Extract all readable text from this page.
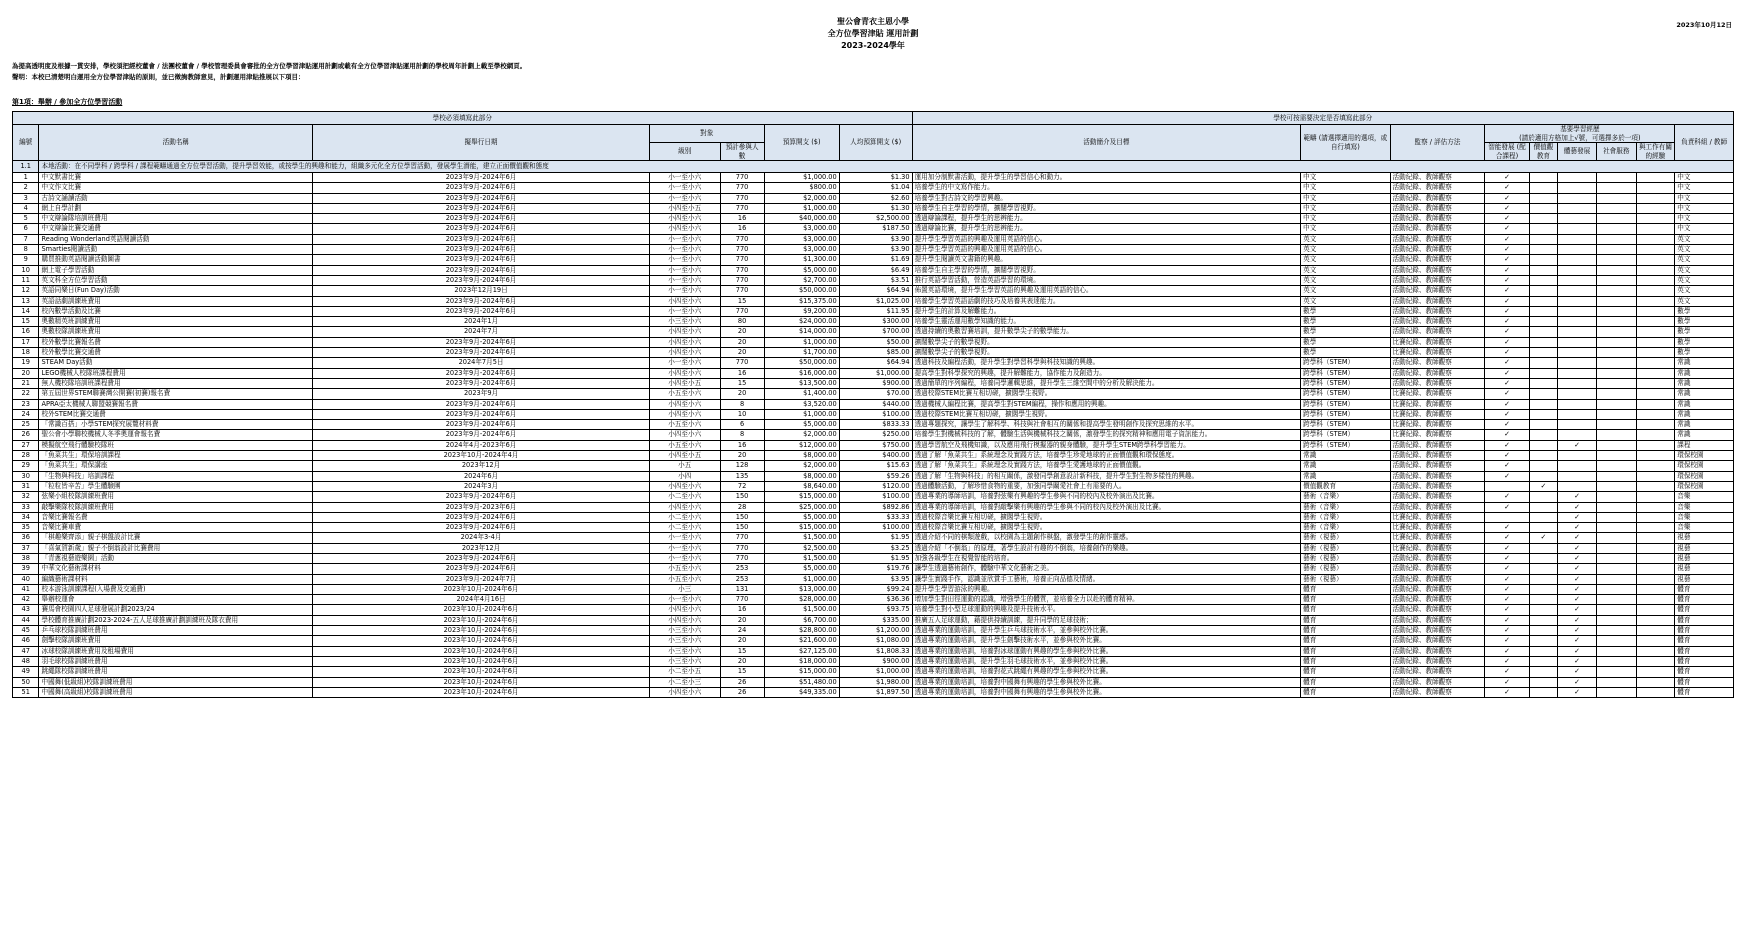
聖公會青衣主恩小學
全方位學習津貼 運用計劃
2023-2024學年
2023年10月12日
為提高透明度及根據一貫安排，學校須把經校董會 / 法團校董會 / 學校管理委員會審批的全方位學習津貼運用計劃或載有全方位學習津貼運用計劃的學校周年計劃上載至學校網頁。
聲明：本校已清楚明白運用全方位學習津貼的原則，並已徵詢教師意見，計劃運用津貼推展以下項目：
第1項：舉辦 / 參加全方位學習活動
學校必須填寫此部分							學校可按需要決定是否填寫此部分								
編號	活動名稱	擬舉行日期	對象		預算開支 ($)	人均預算開支 ($)	活動簡介及目標	範疇 (請選擇適用的選項，或自行填寫)	監察 / 評估方法	基要學習經歷
(請於適用方格加上√號，可選擇多於一項)					負責科組 / 教師
			級別	預計參與人數						智能發展 (配合課程)	價值觀教育	體藝發展	社會服務	與工作有關的經驗	

1.1	本地活動：在不同學科 / 跨學科 / 課程範疇通過全方位學習活動，提升學習效能，或按學生的興趣和能力，組織多元化全方位學習活動，發展學生潛能，建立正面價值觀和態度														
1	中文默書比賽	2023年9月-2024年6月	小一至小六	770	$1,000.00	$1.30	運用加分制默書活動，提升學生的學習信心和動力。	中文	活動紀錄、教師觀察	✓					中文
2	中文作文比賽	2023年9月-2024年6月	小一至小六	770	$800.00	$1.04	培養學生的中文寫作能力。	中文	活動紀錄、教師觀察	✓					中文
3	古詩文誦讀活動	2023年9月-2024年6月	小一至小六	770	$2,000.00	$2.60	培養學生對古詩文的學習興趣。	中文	活動紀錄、教師觀察	✓					中文
4	網上自學計劃	2023年9月-2024年6月	小四至小五	770	$1,000.00	$1.30	培養學生自主學習的學情，擴闊學習視野。	中文	活動紀錄、教師觀察	✓					中文
5	中文辯論隊培訓班費用	2023年9月-2024年6月	小四至小六	16	$40,000.00	$2,500.00	透過辯論課程，提升學生的思辨能力。	中文	活動紀錄、教師觀察	✓					中文
6	中文辯論比賽交通費	2023年9月-2024年6月	小四至小六	16	$3,000.00	$187.50	透過辯論比賽，提升學生的思辨能力。	中文	活動紀錄、教師觀察	✓					中文
7	Reading Wonderland英語閱讀活動	2023年9月-2024年6月	小一至小六	770	$3,000.00	$3.90	提升學生學習英語的興趣及運用英語的信心。	英文	活動紀錄、教師觀察	✓					英文
8	Smarties閱讀活動	2023年9月-2024年6月	小一至小六	770	$3,000.00	$3.90	提升學生學習英語的興趣及運用英語的信心。	英文	活動紀錄、教師觀察	✓					英文
9	購買推動英語閱讀活動圖書	2023年9月-2024年6月	小一至小六	770	$1,300.00	$1.69	提升學生閱讀英文書籍的興趣。	英文	活動紀錄、教師觀察	✓					英文
10	網上電子學習活動	2023年9月-2024年6月	小一至小六	770	$5,000.00	$6.49	培養學生自主學習的學情，擴闊學習視野。	英文	活動紀錄、教師觀察	✓					英文
11	英文科全方位學習活動	2023年9月-2024年6月	小一至小六	770	$2,700.00	$3.51	推行英語學習活動，營造英語學習的環境。	英文	活動紀錄、教師觀察	✓					英文
12	英語同樂日(Fun Day)活動	2023年12月19日	小一至小六	770	$50,000.00	$64.94	佈置英語環境，提升學生學習英語的興趣及運用英語的信心。	英文	活動紀錄、教師觀察	✓					英文
13	英語話劇訓練班費用	2023年9月-2024年6月	小四至小六	15	$15,375.00	$1,025.00	培養學生學習英語話劇的技巧及培養其表達能力。	英文	活動紀錄、教師觀察	✓					英文
14	校內數學活動及比賽	2023年9月-2024年6月	小一至小六	770	$9,200.00	$11.95	提升學生的計算及解難能力。	數學	活動紀錄、教師觀察	✓					數學
15	奧數精英班訓練費用	2024年1月	小三至小六	80	$24,000.00	$300.00	培養學生靈活運用數學知識的能力。	數學	活動紀錄、教師觀察	✓					數學
16	奧數校隊訓練班費用	2024年7月	小四至小六	20	$14,000.00	$700.00	透過持續的奧數習賽培訓，提升數學尖子的數學能力。	數學	活動紀錄、教師觀察	✓					數學
17	校外數學比賽報名費	2023年9月-2024年6月	小四至小六	20	$1,000.00	$50.00	擴闊數學尖子的數學視野。	數學	比賽紀錄、教師觀察	✓					數學
18	校外數學比賽交通費	2023年9月-2024年6月	小四至小六	20	$1,700.00	$85.00	擴闊數學尖子的數學視野。	數學	比賽紀錄、教師觀察	✓					數學
19	STEAM Day活動	2024年7月5日	小一至小六	770	$50,000.00	$64.94	透過科技及編程活動，提升學生對學習科學與科技知識的興趣。	跨學科（STEM）	活動紀錄、教師觀察	✓					常識
20	LEGO機械人校隊班課程費用	2023年9月-2024年6月	小四至小六	16	$16,000.00	$1,000.00	提高學生對科學探究的興趣，提升解難能力，協作能力及創造力。	跨學科（STEM）	活動紀錄、教師觀察	✓					常識
21	無人機校隊培訓班課程費用	2023年9月-2024年6月	小四至小五	15	$13,500.00	$900.00	透過簡單的序列編程，培養同學邏輯思維，提升學生三維空間中的分析及解決能力。	跨學科（STEM）	活動紀錄、教師觀察	✓					常識
22	第五屆世界STEM聯賽灣公開賽(初賽)報名費	2023年9月	小五至小六	20	$1,400.00	$70.00	透過校際STEM比賽互相切磋，擴闊學生視野。	跨學科（STEM）	比賽紀錄、教師觀察	✓					常識
23	APRA亞太機械人聯盟競賽報名費	2023年9月-2024年6月	小四至小六	8	$3,520.00	$440.00	透過機械人編程比賽，提高學生對STEM編程，操作和應用的興趣。	跨學科（STEM）	比賽紀錄、教師觀察	✓					常識
24	校外STEM比賽交通費	2023年9月-2024年6月	小四至小六	10	$1,000.00	$100.00	透過校際STEM比賽互相切磋，擴闊學生視野。	跨學科（STEM）	比賽紀錄、教師觀察	✓					常識
25	「常識百搭」小學STEM探究展覽材料費	2023年9月-2024年6月	小五至小六	6	$5,000.00	$833.33	透過專題探究，讓學生了解科學、科技與社會相互的關係和提高學生發明創作及探究思維的水平。	跨學科（STEM）	比賽紀錄、教師觀察	✓					常識
26	聖公會小學聯校機械人冬季奧運會報名費	2023年9月-2024年6月	小四至小六	8	$2,000.00	$250.00	培養學生對機械科技的了解，體驗生活與機械科技之關係，激發學生的探究精神和應用電子資訊能力。	跨學科（STEM）	比賽紀錄、教師觀察	✓					常識
27	模擬航空飛行體驗校隊班	2024年4月-2023年6月	小五至小六	16	$12,000.00	$750.00	透過學習航空及飛機知識，以及應用飛行模擬器的親身體驗，提升學生STEM跨學科學習能力。	跨學科（STEM）	活動紀錄、教師觀察	✓		✓			課程
28	「魚菜共生」環保培訓課程	2023年10月-2024年4月	小四至小五	20	$8,000.00	$400.00	透過了解「魚菜共生」系統理念及實踐方法，培養學生珍愛地球的正面價值觀和環保態度。	常識	活動紀錄、教師觀察	✓					環保校園
29	「魚菜共生」環保講座	2023年12月	小五	128	$2,000.00	$15.63	透過了解「魚菜共生」系統理念及實踐方法，培養學生愛護地球的正面價值觀。	常識	活動紀錄、教師觀察	✓					環保校園
30	「生物與科技」培訓課程	2024年6月	小四	135	$8,000.00	$59.26	透過了解「生物與科技」的相互關係，激發同學創意設計新科技，提升學生對生物多樣性的興趣。	常識	活動紀錄、教師觀察	✓					環保校園
31	「粒粒皆辛苦」學生體驗團	2024年3月	小四至小六	72	$8,640.00	$120.00	透過體驗活動，了解珍惜食物的重要，加強同學關愛社會上有需要的人。	價值觀教育	活動紀錄、教師觀察		✓				環保校園
32	弦樂小組校隊訓練班費用	2023年9月-2024年6月	小二至小六	150	$15,000.00	$100.00	透過專業的導師培訓，培養對弦樂有興趣的學生參與不同的校內及校外演出及比賽。	藝術（音樂）	活動紀錄、教師觀察	✓		✓			音樂
33	敲擊樂隊校隊訓練班費用	2023年9月-2023年6月	小四至小六	28	$25,000.00	$892.86	透過專業的導師培訓，培養對敲擊樂有興趣的學生參與不同的校內及校外演出及比賽。	藝術（音樂）	活動紀錄、教師觀察	✓		✓			音樂
34	音樂比賽報名費	2023年9月-2024年6月	小二至小六	150	$5,000.00	$33.33	透過校際音樂比賽互相切磋，擴闊學生視野。	藝術（音樂）	比賽紀錄、教師觀察			✓			音樂
35	音樂比賽車費	2023年9月-2024年6月	小二至小六	150	$15,000.00	$100.00	透過校際音樂比賽互相切磋，擴闊學生視野。	藝術（音樂）	比賽紀錄、教師觀察	✓		✓			音樂
36	「棋趣樂齊添」親子棋盤設計比賽	2024年3-4月	小一至小六	770	$1,500.00	$1.95	透過介紹不同的棋類遊戲，以校園為主題創作棋盤，激發學生的創作靈感。	藝術（視藝）	比賽紀錄、教師觀察	✓	✓	✓			視藝
37	「喜氣賀新歲」親子不倒翁設計比賽費用	2023年12月	小一至小六	770	$2,500.00	$3.25	透過介紹「不倒翁」的原理，著學生設計有趣的不倒翁，培養創作的樂趣。	藝術（視藝）	比賽紀錄、教師觀察	✓		✓			視藝
38	「青蔥視藝遊樂園」活動	2023年9月-2024年6月	小一至小六	770	$1,500.00	$1.95	加強各級學生在視覺智能的培育。	藝術（視藝）	活動紀錄、教師觀察	✓		✓			視藝
39	中華文化藝術課材料	2023年9月-2024年6月	小五至小六	253	$5,000.00	$19.76	讓學生透過藝術創作，體驗中華文化藝術之美。	藝術（視藝）	活動紀錄、教師觀察	✓		✓			視藝
40	編織藝術課材料	2023年9月-2024年7月	小五至小六	253	$1,000.00	$3.95	讓學生實踐手作，認識並欣賞手工藝術，培養正向品德及情緒。	藝術（視藝）	活動紀錄、教師觀察	✓		✓			視藝
41	校本游泳訓練課程(入場費及交通費)	2023年10月-2024年6月	小三	131	$13,000.00	$99.24	提升學生學習游泳的興趣。	體育	活動紀錄、教師觀察	✓		✓			體育
42	舉辦校運會	2024年4月16日	小一至小六	770	$28,000.00	$36.36	增加學生對田徑運動的認識，增強學生的體質，並培養全力以赴的體育精神。	體育	活動紀錄、教師觀察	✓		✓			體育
43	賽馬會校園四人足球發展計劃2023/24	2023年10月-2024年6月	小四至小六	16	$1,500.00	$93.75	培養學生對小型足球運動的興趣及提升技術水平。	體育	活動紀錄、教師觀察	✓		✓			體育
44	學校體育推廣計劃2023-2024-五人足球推廣計劃訓練班及隊衣費用	2023年10月-2024年6月	小四至小六	20	$6,700.00	$335.00	推廣五人足球運動，藉提供持續訓練，提升同學的足球技術；	體育	活動紀錄、教師觀察	✓		✓			體育
45	乒乓球校隊訓練班費用	2023年10月-2024年6月	小三至小六	24	$28,800.00	$1,200.00	透過專業的運動培訓，提升學生乒乓球技術水平，並參與校外比賽。	體育	活動紀錄、教師觀察	✓		✓			體育
46	劍擊校隊訓練班費用	2023年10月-2024年6月	小三至小六	20	$21,600.00	$1,080.00	透過專業的運動培訓，提升學生劍擊技術水平，並參與校外比賽。	體育	活動紀錄、教師觀察	✓		✓			體育
47	冰球校隊訓練班費用及租場費用	2023年10月-2024年6月	小三至小六	15	$27,125.00	$1,808.33	透過專業的運動培訓，培養對冰球運動有興趣的學生參與校外比賽。	體育	活動紀錄、教師觀察	✓		✓			體育
48	羽毛球校隊訓練班費用	2023年10月-2024年6月	小三至小六	20	$18,000.00	$900.00	透過專業的運動培訓，提升學生羽毛球技術水平，並參與校外比賽。	體育	活動紀錄、教師觀察	✓		✓			體育
49	跳繩隊校隊訓練班費用	2023年10月-2024年6月	小二至小五	15	$15,000.00	$1,000.00	透過專業的運動培訓，培養對花式跳繩有興趣的學生參與校外比賽。	體育	活動紀錄、教師觀察	✓		✓			體育
50	中國舞(低級組)校隊訓練班費用	2023年10月-2024年6月	小二至小三	26	$51,480.00	$1,980.00	透過專業的運動培訓，培養對中國舞有興趣的學生參與校外比賽。	體育	活動紀錄、教師觀察	✓		✓			體育
51	中國舞(高級組)校隊訓練班費用	2023年10月-2024年6月	小四至小六	26	$49,335.00	$1,897.50	透過專業的運動培訓，培養對中國舞有興趣的學生參與校外比賽。	體育	活動紀錄、教師觀察	✓		✓			體育
